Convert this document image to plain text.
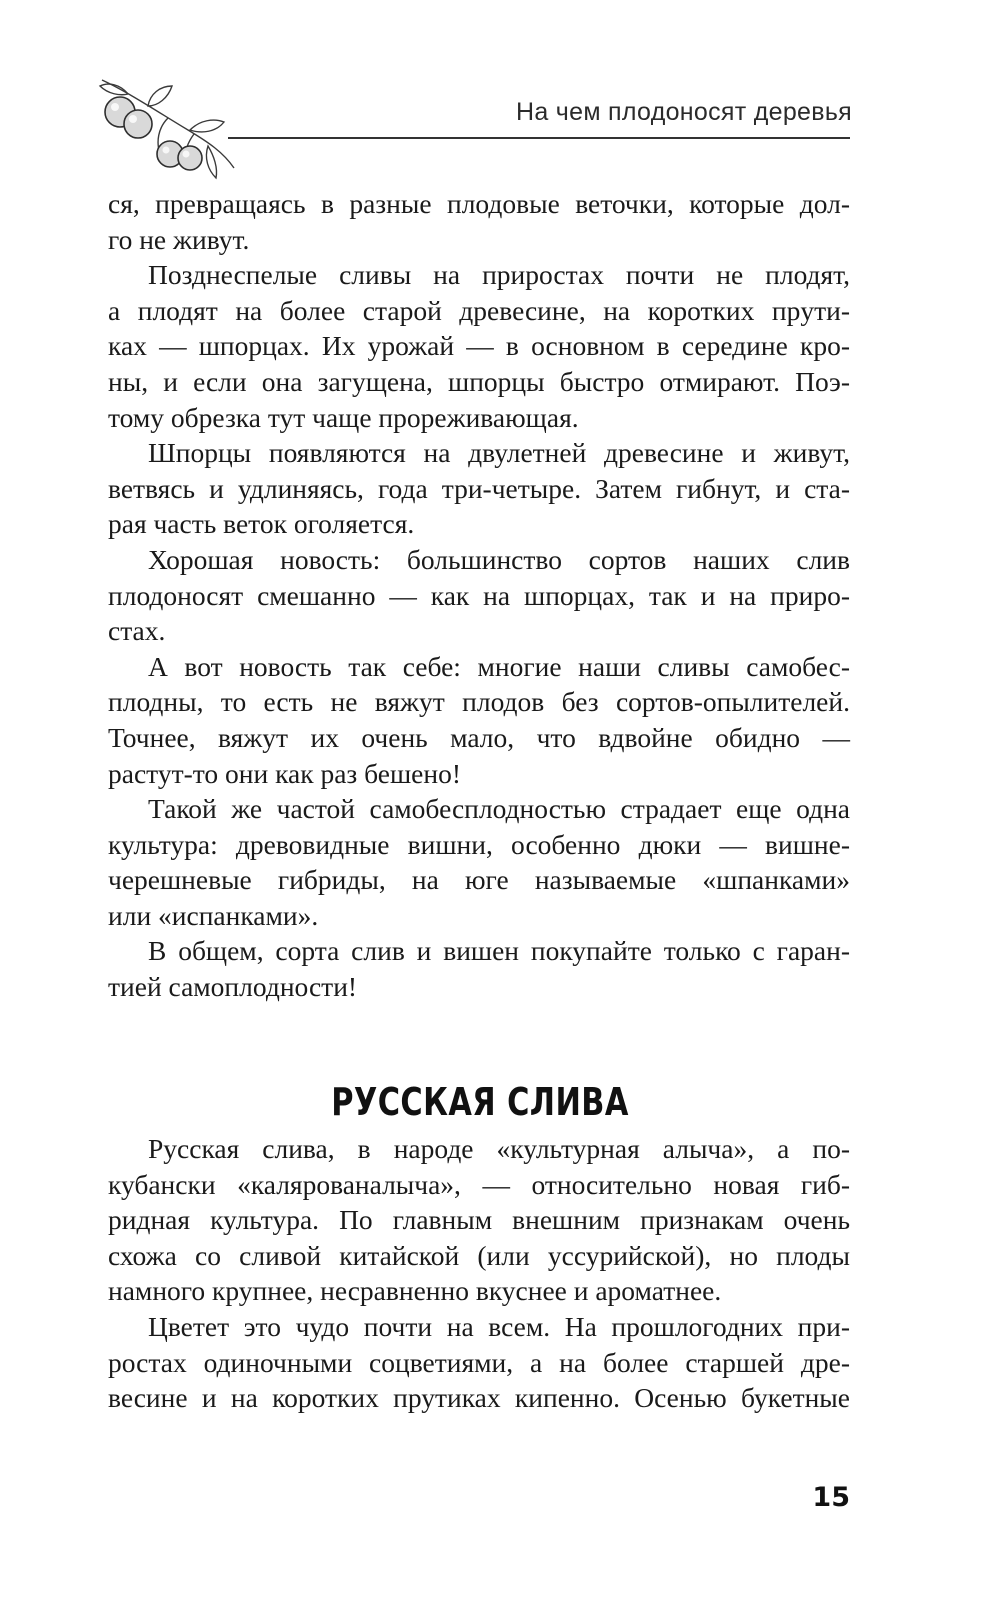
На чем плодоносят деревья
ся, превращаясь в разные плодовые веточки, которые дол-
го не живут.
Позднеспелые сливы на приростах почти не плодят,
а плодят на более старой древесине, на коротких пpути-
ках — шпорцах. Их урожай — в основном в середине кро-
ны, и если она загущена, шпорцы быстро отмирают. Поэ-
тому обрезка тут чаще прореживающая.
Шпорцы появляются на двулетней древесине и живут,
ветвясь и удлиняясь, года три-четыре. Затем гибнут, и ста-
рая часть веток оголяется.
Хорошая новость: большинство сортов наших слив
плодоносят смешанно — как на шпорцах, так и на приро-
стах.
А вот новость так себе: многие наши сливы самобес-
плодны, то есть не вяжут плодов без сортов-опылителей.
Точнее, вяжут их очень мало, что вдвойне обидно —
растут-то они как раз бешено!
Такой же частой самобесплодностью страдает еще одна
культура: древовидные вишни, особенно дюки — вишне-
черешневые гибриды, на юге называемые «шпанками»
или «испанками».
В общем, сорта слив и вишен покупайте только с гаран-
тией самоплодности!
РУССКАЯ СЛИВА
Русская слива, в народе «культурная алыча», а по-
кубански «каляpованалыча», — относительно новая гиб-
ридная культура. По главным внешним признакам очень
схожа со сливой китайской (или уссурийской), но плоды
намного крупнее, несравненно вкуснее и ароматнее.
Цветет это чудо почти на всем. На прошлогодних при-
ростах одиночными соцветиями, а на более старшей дре-
весине и на коротких прутиках кипенно. Осенью букетные
15
